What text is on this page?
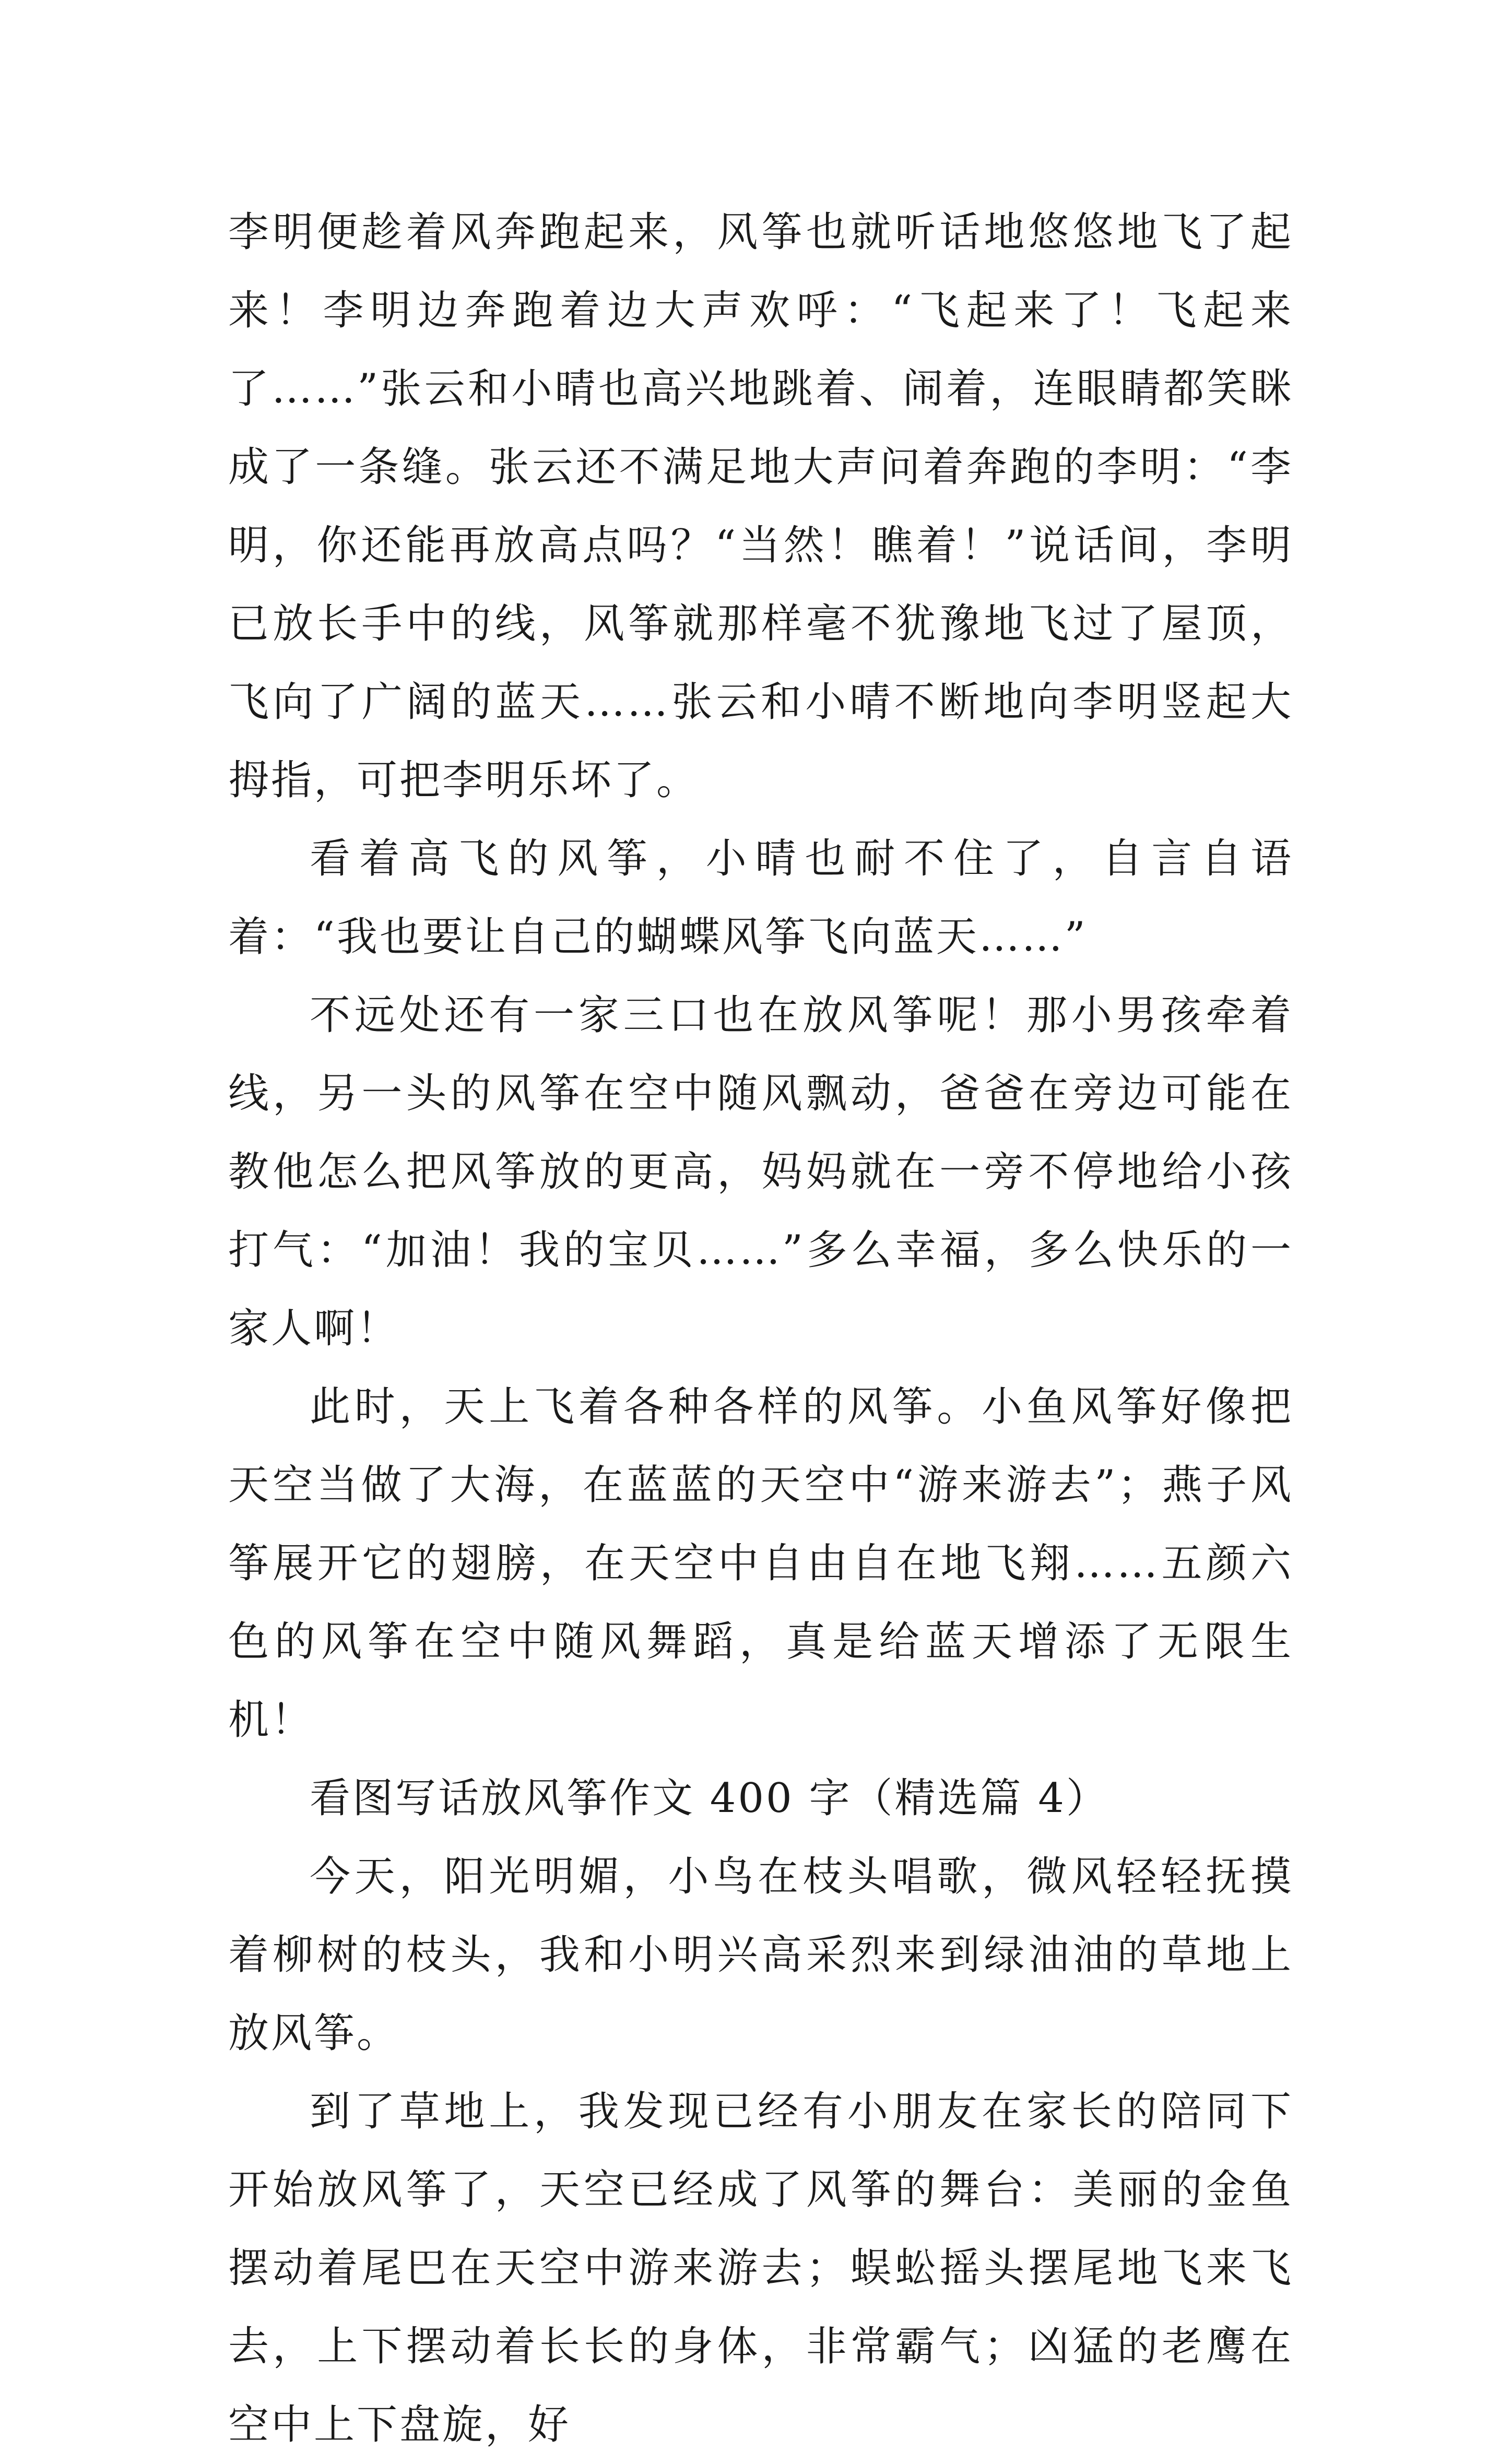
李明便趁着风奔跑起来，风筝也就听话地悠悠地飞了起来！李明边奔跑着边大声欢呼：“飞起来了！飞起来了……”张云和小晴也高兴地跳着、闹着，连眼睛都笑眯成了一条缝。张云还不满足地大声问着奔跑的李明：“李明，你还能再放高点吗？“当然！瞧着！”说话间，李明已放长手中的线，风筝就那样毫不犹豫地飞过了屋顶，飞向了广阔的蓝天……张云和小晴不断地向李明竖起大拇指，可把李明乐坏了。

看着高飞的风筝，小晴也耐不住了，自言自语着：“我也要让自己的蝴蝶风筝飞向蓝天……”

不远处还有一家三口也在放风筝呢！那小男孩牵着线，另一头的风筝在空中随风飘动，爸爸在旁边可能在教他怎么把风筝放的更高，妈妈就在一旁不停地给小孩打气：“加油！我的宝贝……”多么幸福，多么快乐的一家人啊！

此时，天上飞着各种各样的风筝。小鱼风筝好像把天空当做了大海，在蓝蓝的天空中“游来游去”；燕子风筝展开它的翅膀，在天空中自由自在地飞翔……五颜六色的风筝在空中随风舞蹈，真是给蓝天增添了无限生机！

看图写话放风筝作文 400 字（精选篇 4）

今天，阳光明媚，小鸟在枝头唱歌，微风轻轻抚摸着柳树的枝头，我和小明兴高采烈来到绿油油的草地上放风筝。

到了草地上，我发现已经有小朋友在家长的陪同下开始放风筝了，天空已经成了风筝的舞台：美丽的金鱼摆动着尾巴在天空中游来游去；蜈蚣摇头摆尾地飞来飞去，上下摆动着长长的身体，非常霸气；凶猛的老鹰在空中上下盘旋，好
